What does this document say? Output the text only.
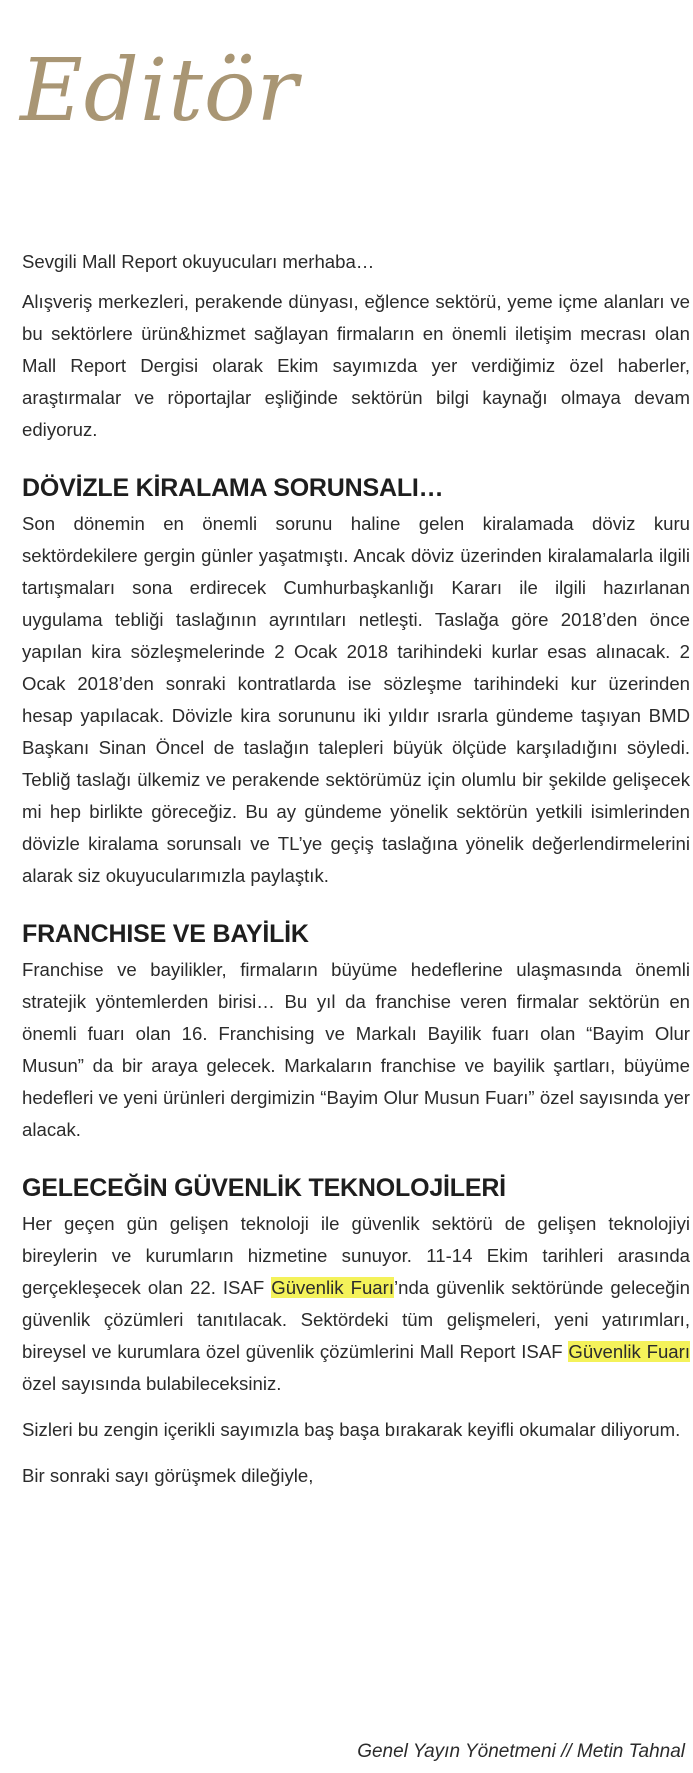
Editör

Sevgili Mall Report okuyucuları merhaba…

Alışveriş merkezleri, perakende dünyası, eğlence sektörü, yeme içme alanları ve bu sektörlere ürün&hizmet sağlayan firmaların en önemli iletişim mecrası olan Mall Report Dergisi olarak Ekim sayımızda yer verdiğimiz özel haberler, araştırmalar ve röportajlar eşliğinde sektörün bilgi kaynağı olmaya devam ediyoruz.

DÖVİZLE KİRALAMA SORUNSALI…

Son dönemin en önemli sorunu haline gelen kiralamada döviz kuru sektördekilere gergin günler yaşatmıştı. Ancak döviz üzerinden kiralamalarla ilgili tartışmaları sona erdirecek Cumhurbaşkanlığı Kararı ile ilgili hazırlanan uygulama tebliği taslağının ayrıntıları netleşti. Taslağa göre 2018’den önce yapılan kira sözleşmelerinde 2 Ocak 2018 tarihindeki kurlar esas alınacak. 2 Ocak 2018’den sonraki kontratlarda ise sözleşme tarihindeki kur üzerinden hesap yapılacak. Dövizle kira sorununu iki yıldır ısrarla gündeme taşıyan BMD Başkanı Sinan Öncel de taslağın talepleri büyük ölçüde karşıladığını söyledi. Tebliğ taslağı ülkemiz ve perakende sektörümüz için olumlu bir şekilde gelişecek mi hep birlikte göreceğiz. Bu ay gündeme yönelik sektörün yetkili isimlerinden dövizle kiralama sorunsalı ve TL’ye geçiş taslağına yönelik değerlendirmelerini alarak siz okuyucularımızla paylaştık.

FRANCHISE VE BAYİLİK

Franchise ve bayilikler, firmaların büyüme hedeflerine ulaşmasında önemli stratejik yöntemlerden birisi… Bu yıl da franchise veren firmalar sektörün en önemli fuarı olan 16. Franchising ve Markalı Bayilik fuarı olan “Bayim Olur Musun” da bir araya gelecek. Markaların franchise ve bayilik şartları, büyüme hedefleri ve yeni ürünleri dergimizin “Bayim Olur Musun Fuarı” özel sayısında yer alacak.

GELECEĞİN GÜVENLİK TEKNOLOJİLERİ

Her geçen gün gelişen teknoloji ile güvenlik sektörü de gelişen teknolojiyi bireylerin ve kurumların hizmetine sunuyor. 11-14 Ekim tarihleri arasında gerçekleşecek olan 22. ISAF Güvenlik Fuarı’nda güvenlik sektöründe geleceğin güvenlik çözümleri tanıtılacak. Sektördeki tüm gelişmeleri, yeni yatırımları, bireysel ve kurumlara özel güvenlik çözümlerini Mall Report ISAF Güvenlik Fuarı özel sayısında bulabileceksiniz.

Sizleri bu zengin içerikli sayımızla baş başa bırakarak keyifli okumalar diliyorum.

Bir sonraki sayı görüşmek dileğiyle,

Genel Yayın Yönetmeni // Metin Tahnal
